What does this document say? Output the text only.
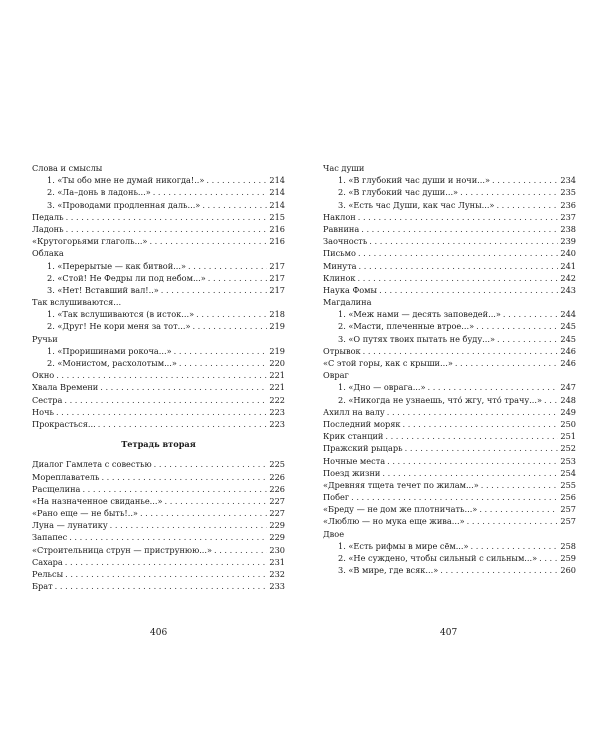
Слова и смыслы
1. «Ты обо мне не думай никогда!..» . . .	214
2. «Ла–донь в ладонь...» . . .	214
3. «Проводами продленная даль...» . . .	214
Педаль . . .	215
Ладонь . . .	216
«Крутогорьями глаголь...» . . .	216
Облака
1. «Перерытые — как битвой...» . . .	217
2. «Стой! Не Федры ли под небом...» . . .	217
3. «Нет! Вставший вал!..» . . .	217
Так вслушиваются...
1. «Так вслушиваются (в исток...» . . .	218
2. «Друг! Не кори меня за тот...» . . .	219
Ручьи
1. «Проришинами рокоча...» . . .	219
2. «Монистом, расхолотым...» . . .	220
Окно . . .	221
Хвала Времени . . .	221
Сестра . . .	222
Ночь . . .	223
Прокрасться... . . .	223
Тетрадь вторая
Диалог Гамлета с совестью . . .	225
Мореплаватель . . .	226
Расщелина . . .	226
«На назначенное свиданье...» . . .	227
«Рано еще — не быть!..» . . .	227
Луна — лунатику . . .	229
Запапес . . .	229
«Строительница струн — приструнюю...» . . .	230
Сахара . . .	231
Рельсы . . .	232
Брат . . .	233
Час души
1. «В глубокий час души и ночи...» . . .	234
2. «В глубокий час души...» . . .	235
3. «Есть час Души, как час Луны...» . . .	236
Наклон . . .	237
Равнина . . .	238
Заочность . . .	239
Письмо . . .	240
Минута . . .	241
Клинок . . .	242
Наука Фомы . . .	243
Магдалина
1. «Меж нами — десять заповедей...» . . .	244
2. «Масти, плеченные втрое...» . . .	245
3. «О путях твоих пытать не буду...» . . .	245
Отрывок . . .	246
«С этой горы, как с крыши...» . . .	246
Овраг
1. «Дно — оврага...» . . .	247
2. «Никогда не узнаешь, что́ жгу, что́ трачу...» . . . 248
Ахилл на валу . . .	249
Последний моряк . . .	250
Крик станций . . .	251
Пражский рыцарь . . .	252
Ночные места . . .	253
Поезд жизни . . .	254
«Древняя тщета течет по жилам...» . . .	255
Побег . . .	256
«Бреду — не дом же плотничать...» . . .	257
«Люблю — но мука еще жива...» . . .	257
Двое
1. «Есть рифмы в мире сём...» . . .	258
2. «Не суждено, чтобы сильный с сильным...» . . .	259
3. «В мире, где всяк...» . . .	260
406	407
